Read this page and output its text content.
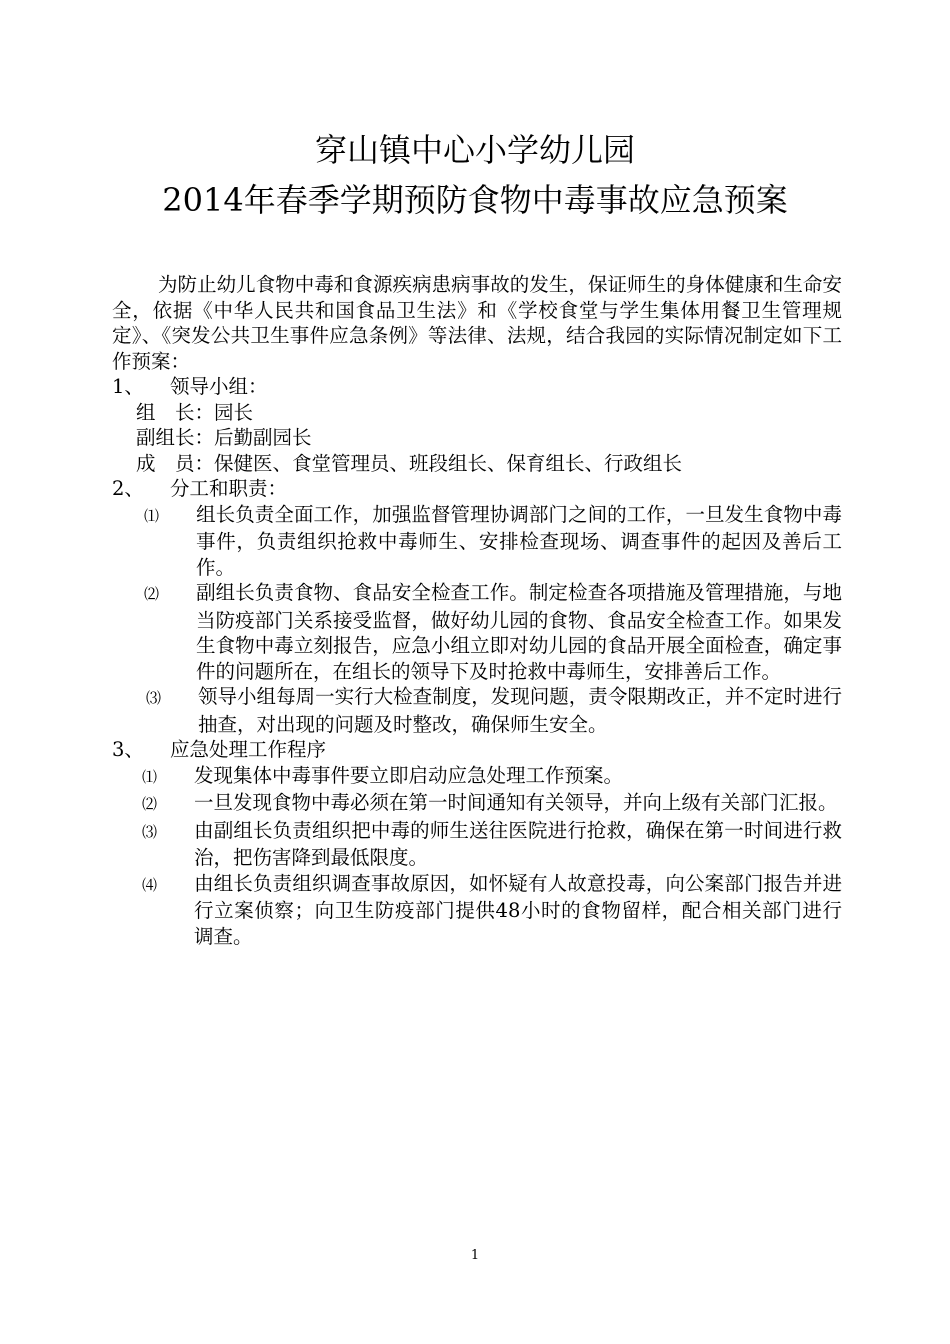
穿山镇中心小学幼儿园
2014年春季学期预防食物中毒事故应急预案

为防止幼儿食物中毒和食源疾病患病事故的发生，保证师生的身体健康和生命安全，依据《中华人民共和国食品卫生法》和《学校食堂与学生集体用餐卫生管理规定》、《突发公共卫生事件应急条例》等法律、法规，结合我园的实际情况制定如下工作预案：

1、 领导小组：

组　长：园长

副组长：后勤副园长

成　员：保健医、食堂管理员、班段组长、保育组长、行政组长

2、 分工和职责：

⑴ 组长负责全面工作，加强监督管理协调部门之间的工作，一旦发生食物中毒事件，负责组织抢救中毒师生、安排检查现场、调查事件的起因及善后工作。

⑵ 副组长负责食物、食品安全检查工作。制定检查各项措施及管理措施，与地当防疫部门关系接受监督，做好幼儿园的食物、食品安全检查工作。如果发生食物中毒立刻报告，应急小组立即对幼儿园的食品开展全面检查，确定事件的问题所在，在组长的领导下及时抢救中毒师生，安排善后工作。

⑶ 领导小组每周一实行大检查制度，发现问题，责令限期改正，并不定时进行抽查，对出现的问题及时整改，确保师生安全。

3、 应急处理工作程序

⑴ 发现集体中毒事件要立即启动应急处理工作预案。

⑵ 一旦发现食物中毒必须在第一时间通知有关领导，并向上级有关部门汇报。

⑶ 由副组长负责组织把中毒的师生送往医院进行抢救，确保在第一时间进行救治，把伤害降到最低限度。

⑷ 由组长负责组织调查事故原因，如怀疑有人故意投毒，向公案部门报告并进行立案侦察；向卫生防疫部门提供48小时的食物留样，配合相关部门进行调查。

1
